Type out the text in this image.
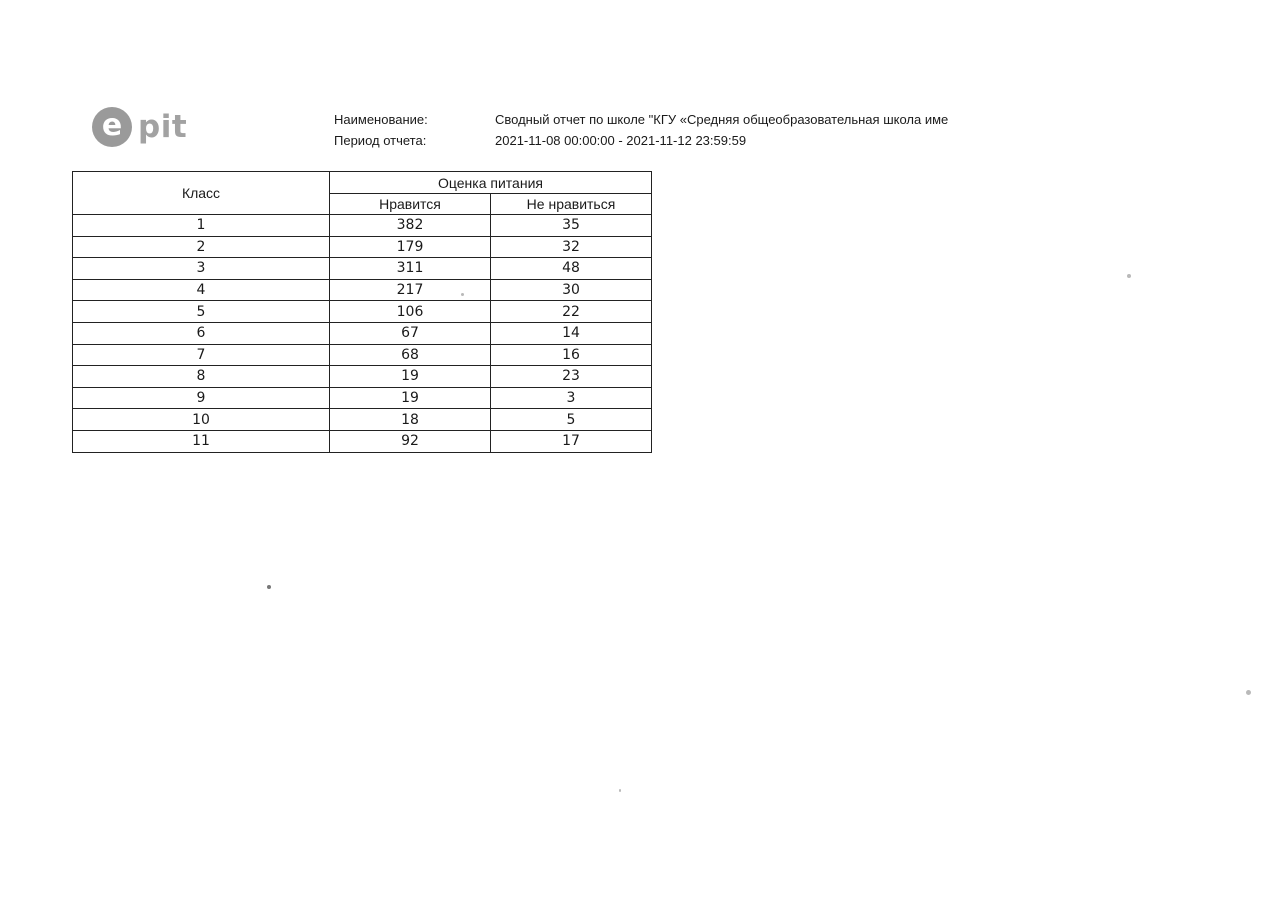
e pit	Наименование:	Сводный отчет по школе "КГУ «Средняя общеобразовательная школа име
Период отчета:	2021-11-08 00:00:00 - 2021-11-12 23:59:59
Класс	Оценка питания	
	Нравится	Не нравиться
1	382	35
2	179	32
3	311	48
4	217	30
5	106	22
6	67	14
7	68	16
8	19	23
9	19	3
10	18	5
11	92	17
